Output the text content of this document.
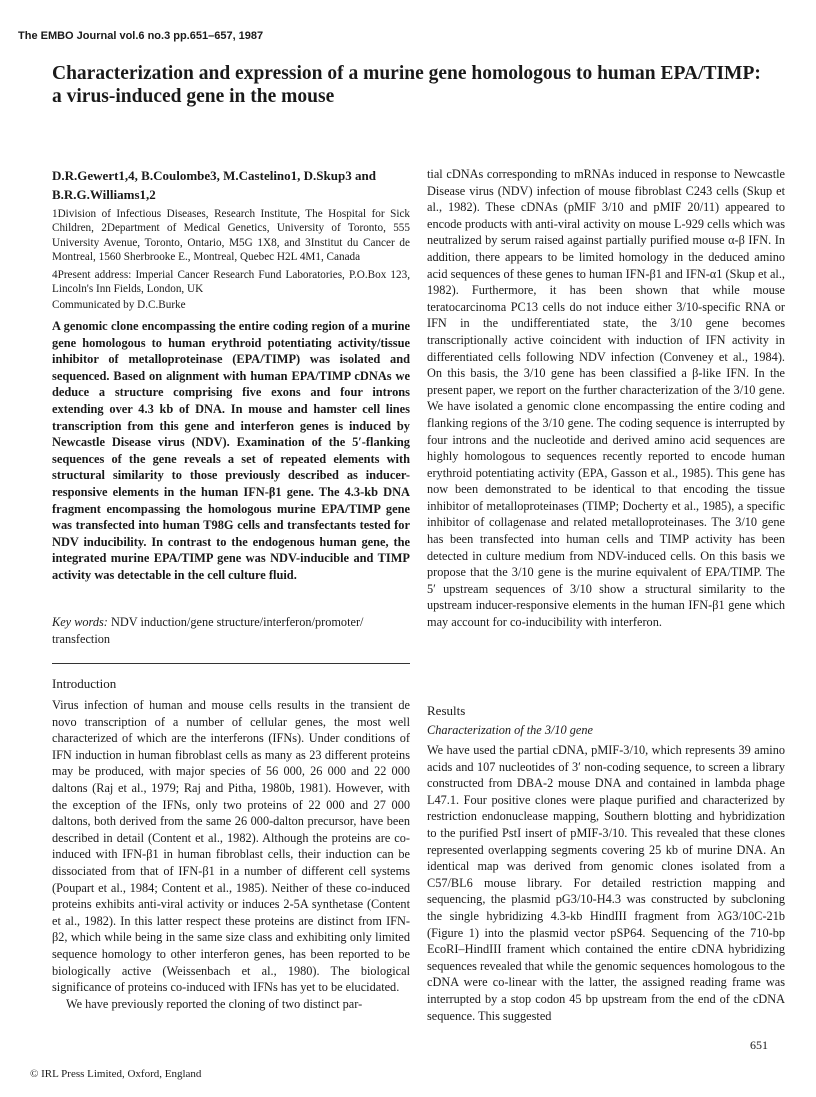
The EMBO Journal vol.6 no.3 pp.651–657, 1987
Characterization and expression of a murine gene homologous to human EPA/TIMP: a virus-induced gene in the mouse
D.R.Gewert1,4, B.Coulombe3, M.Castelino1, D.Skup3 and B.R.G.Williams1,2
1Division of Infectious Diseases, Research Institute, The Hospital for Sick Children, 2Department of Medical Genetics, University of Toronto, 555 University Avenue, Toronto, Ontario, M5G 1X8, and 3Institut du Cancer de Montreal, 1560 Sherbrooke E., Montreal, Quebec H2L 4M1, Canada
4Present address: Imperial Cancer Research Fund Laboratories, P.O.Box 123, Lincoln's Inn Fields, London, UK
Communicated by D.C.Burke
A genomic clone encompassing the entire coding region of a murine gene homologous to human erythroid potentiating activity/tissue inhibitor of metalloproteinase (EPA/TIMP) was isolated and sequenced. Based on alignment with human EPA/TIMP cDNAs we deduce a structure comprising five exons and four introns extending over 4.3 kb of DNA. In mouse and hamster cell lines transcription from this gene and interferon genes is induced by Newcastle Disease virus (NDV). Examination of the 5′-flanking sequences of the gene reveals a set of repeated elements with structural similarity to those previously described as inducer-responsive elements in the human IFN-β1 gene. The 4.3-kb DNA fragment encompassing the homologous murine EPA/TIMP gene was transfected into human T98G cells and transfectants tested for NDV inducibility. In contrast to the endogenous human gene, the integrated murine EPA/TIMP gene was NDV-inducible and TIMP activity was detectable in the cell culture fluid.
Key words: NDV induction/gene structure/interferon/promoter/ transfection
Introduction

Virus infection of human and mouse cells results in the transient de novo transcription of a number of cellular genes, the most well characterized of which are the interferons (IFNs). Under conditions of IFN induction in human fibroblast cells as many as 23 different proteins may be produced, with major species of 56 000, 26 000 and 22 000 daltons (Raj et al., 1979; Raj and Pitha, 1980b, 1981). However, with the exception of the IFNs, only two proteins of 22 000 and 27 000 daltons, both derived from the same 26 000-dalton precursor, have been described in detail (Content et al., 1982). Although the proteins are co-induced with IFN-β1 in human fibroblast cells, their induction can be dissociated from that of IFN-β1 in a number of different cell systems (Poupart et al., 1984; Content et al., 1985). Neither of these co-induced proteins exhibits anti-viral activity or induces 2-5A synthetase (Content et al., 1982). In this latter respect these proteins are distinct from IFN-β2, which while being in the same size class and exhibiting only limited sequence homology to other interferon genes, has been reported to be biologically active (Weissenbach et al., 1980). The biological significance of proteins co-induced with IFNs has yet to be elucidated.

We have previously reported the cloning of two distinct par-

tial cDNAs corresponding to mRNAs induced in response to Newcastle Disease virus (NDV) infection of mouse fibroblast C243 cells (Skup et al., 1982). These cDNAs (pMIF 3/10 and pMIF 20/11) appeared to encode products with anti-viral activity on mouse L-929 cells which was neutralized by serum raised against partially purified mouse α-β IFN. In addition, there appears to be limited homology in the deduced amino acid sequences of these genes to human IFN-β1 and IFN-α1 (Skup et al., 1982). Furthermore, it has been shown that while mouse teratocarcinoma PC13 cells do not induce either 3/10-specific RNA or IFN in the undifferentiated state, the 3/10 gene becomes transcriptionally active coincident with induction of IFN activity in differentiated cells following NDV infection (Conveney et al., 1984). On this basis, the 3/10 gene has been classified a β-like IFN. In the present paper, we report on the further characterization of the 3/10 gene. We have isolated a genomic clone encompassing the entire coding and flanking regions of the 3/10 gene. The coding sequence is interrupted by four introns and the nucleotide and derived amino acid sequences are highly homologous to sequences recently reported to encode human erythroid potentiating activity (EPA, Gasson et al., 1985). This gene has now been demonstrated to be identical to that encoding the tissue inhibitor of metalloproteinases (TIMP; Docherty et al., 1985), a specific inhibitor of collagenase and related metalloproteinases. The 3/10 gene has been transfected into human cells and TIMP activity has been detected in culture medium from NDV-induced cells. On this basis we propose that the 3/10 gene is the murine equivalent of EPA/TIMP. The 5′ upstream sequences of 3/10 show a structural similarity to the upstream inducer-responsive elements in the human IFN-β1 gene which may account for co-inducibility with interferon.

Results
Characterization of the 3/10 gene

We have used the partial cDNA, pMIF-3/10, which represents 39 amino acids and 107 nucleotides of 3′ non-coding sequence, to screen a library constructed from DBA-2 mouse DNA and contained in lambda phage L47.1. Four positive clones were plaque purified and characterized by restriction endonuclease mapping, Southern blotting and hybridization to the purified PstI insert of pMIF-3/10. This revealed that these clones represented overlapping segments covering 25 kb of murine DNA. An identical map was derived from genomic clones isolated from a C57/BL6 mouse library. For detailed restriction mapping and sequencing, the plasmid pG3/10-H4.3 was constructed by subcloning the single hybridizing 4.3-kb HindIII fragment from λG3/10C-21b (Figure 1) into the plasmid vector pSP64. Sequencing of the 710-bp EcoRI–HindIII frament which contained the entire cDNA hybridizing sequences revealed that while the genomic sequences homologous to the cDNA were co-linear with the latter, the assigned reading frame was interrupted by a stop codon 45 bp upstream from the end of the cDNA sequence. This suggested

© IRL Press Limited, Oxford, England
651
